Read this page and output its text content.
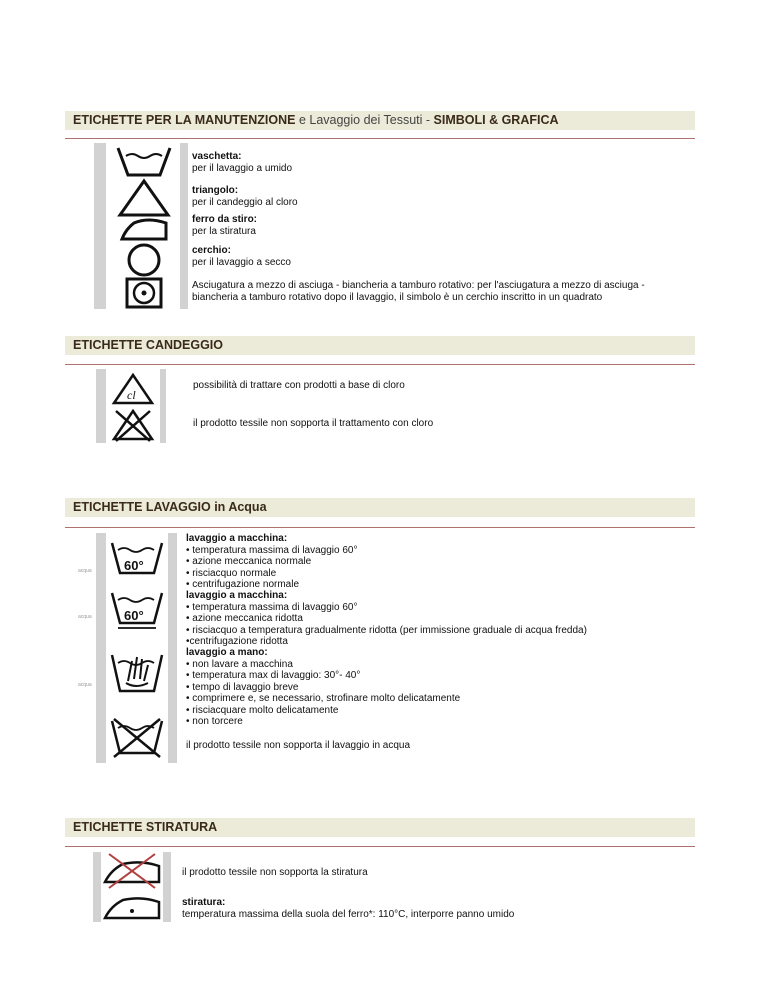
ETICHETTE PER LA MANUTENZIONE e Lavaggio dei Tessuti - SIMBOLI & GRAFICA
vaschetta:
per il lavaggio a umido
triangolo:
per il candeggio al cloro
ferro da stiro:
per la stiratura
cerchio:
per il lavaggio a secco
Asciugatura a mezzo di asciuga - biancheria a tamburo rotativo: per l'asciugatura a mezzo di asciuga -
biancheria a tamburo rotativo dopo il lavaggio, il simbolo è un cerchio inscritto in un quadrato
ETICHETTE CANDEGGIO
cl
possibilità di trattare con prodotti a base di cloro
il prodotto tessile non sopporta il trattamento con cloro
ETICHETTE LAVAGGIO in Acqua
acqua
acqua
acqua
60°
60°
lavaggio a macchina:
• temperatura massima di lavaggio 60°
• azione meccanica normale
• risciacquo normale
• centrifugazione normale
lavaggio a macchina:
• temperatura massima di lavaggio 60°
• azione meccanica ridotta
• risciacquo a temperatura gradualmente ridotta (per immissione graduale di acqua fredda)
•centrifugazione ridotta
lavaggio a mano:
• non lavare a macchina
• temperatura max di lavaggio: 30°- 40°
• tempo di lavaggio breve
• comprimere e, se necessario, strofinare molto delicatamente
• risciacquare molto delicatamente
• non torcere
il prodotto tessile non sopporta il lavaggio in acqua
ETICHETTE STIRATURA
il prodotto tessile non sopporta la stiratura
stiratura:
temperatura massima della suola del ferro*: 110°C, interporre panno umido
